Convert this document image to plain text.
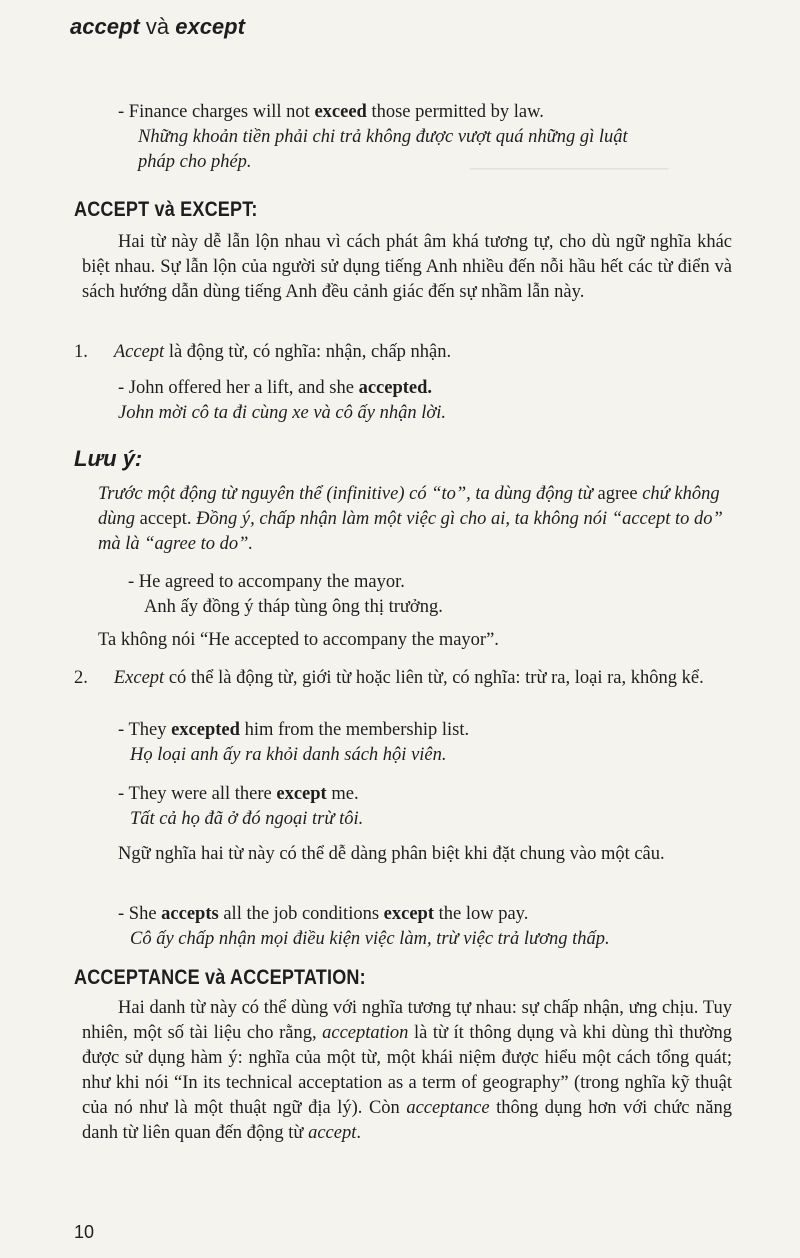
────────────────────
accept và except
- Finance charges will not exceed those permitted by law.
Những khoản tiền phải chi trả không được vượt quá những gì luật pháp cho phép.
ACCEPT và EXCEPT:
Hai từ này dễ lẫn lộn nhau vì cách phát âm khá tương tự, cho dù ngữ nghĩa khác biệt nhau. Sự lẫn lộn của người sử dụng tiếng Anh nhiều đến nỗi hầu hết các từ điển và sách hướng dẫn dùng tiếng Anh đều cảnh giác đến sự nhầm lẫn này.
1. Accept là động từ, có nghĩa: nhận, chấp nhận.
- John offered her a lift, and she accepted.
John mời cô ta đi cùng xe và cô ấy nhận lời.
Lưu ý:
Trước một động từ nguyên thể (infinitive) có “to”, ta dùng động từ agree chứ không dùng accept. Đồng ý, chấp nhận làm một việc gì cho ai, ta không nói “accept to do” mà là “agree to do”.
- He agreed to accompany the mayor.
Anh ấy đồng ý tháp tùng ông thị trưởng.
Ta không nói “He accepted to accompany the mayor”.
2. Except có thể là động từ, giới từ hoặc liên từ, có nghĩa: trừ ra, loại ra, không kể.
- They excepted him from the membership list.
Họ loại anh ấy ra khỏi danh sách hội viên.
- They were all there except me.
Tất cả họ đã ở đó ngoại trừ tôi.
Ngữ nghĩa hai từ này có thể dễ dàng phân biệt khi đặt chung vào một câu.
- She accepts all the job conditions except the low pay.
Cô ấy chấp nhận mọi điều kiện việc làm, trừ việc trả lương thấp.
ACCEPTANCE và ACCEPTATION:
Hai danh từ này có thể dùng với nghĩa tương tự nhau: sự chấp nhận, ưng chịu. Tuy nhiên, một số tài liệu cho rằng, acceptation là từ ít thông dụng và khi dùng thì thường được sử dụng hàm ý: nghĩa của một từ, một khái niệm được hiểu một cách tổng quát; như khi nói “In its technical acceptation as a term of geography” (trong nghĩa kỹ thuật của nó như là một thuật ngữ địa lý). Còn acceptance thông dụng hơn với chức năng danh từ liên quan đến động từ accept.
10
